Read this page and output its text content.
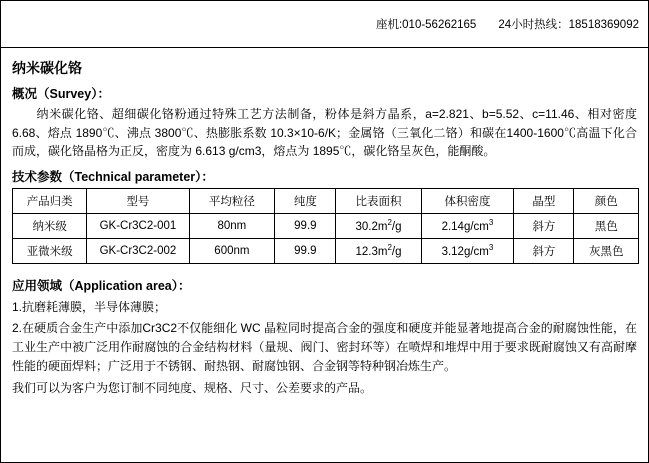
座机:010-56262165 24小时热线：18518369092
纳米碳化铬
概况（Survey）：
纳米碳化铬、超细碳化铬粉通过特殊工艺方法制备，粉体是斜方晶系，a=2.821、b=5.52、c=11.46、相对密度6.68、熔点 1890℃、沸点 3800℃、热膨胀系数 10.3×10-6/K；金属铬（三氧化二铬）和碳在1400-1600℃高温下化合而成，碳化铬晶格为正反，密度为 6.613 g/cm3，熔点为 1895℃，碳化铬呈灰色，能酮酸。
技术参数（Technical parameter）：
产品归类	型号	平均粒径	纯度	比表面积	体积密度	晶型	颜色
纳米级	GK-Cr3C2-001	80nm	99.9	$30.2m^2/g$	$2.14g/cm^3$	斜方	黑色
亚微米级	GK-Cr3C2-002	600nm	99.9	$12.3m^2/g$	$3.12g/cm^3$	斜方	灰黑色
应用领域（Application area）：

1.抗磨耗薄膜，半导体薄膜；

2.在硬质合金生产中添加Cr3C2不仅能细化 WC 晶粒同时提高合金的强度和硬度并能显著地提高合金的耐腐蚀性能，在工业生产中被广泛用作耐腐蚀的合金结构材料（量规、阀门、密封环等）在喷焊和堆焊中用于要求既耐腐蚀又有高耐摩性能的硬面焊料；广泛用于不锈钢、耐热钢、耐腐蚀钢、合金钢等特种钢冶炼生产。

我们可以为客户为您订制不同纯度、规格、尺寸、公差要求的产品。
